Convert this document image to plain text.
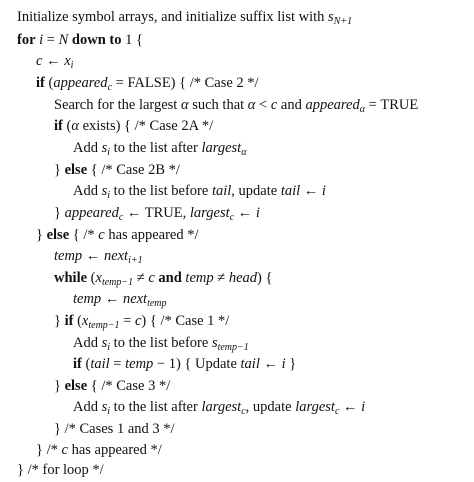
Initialize symbol arrays, and initialize suffix list with $s_{N+1}$
for i = N down to 1 {
c ← $x_i$
if (appeared$_c$ = FALSE) { /* Case 2 */
Search for the largest α such that α < c and appeared$_\alpha$ = TRUE
if (α exists) { /* Case 2A */
Add $s_i$ to the list after largest$_\alpha$
} else { /* Case 2B */
Add $s_i$ to the list before tail, update tail ← i
} appeared$_c$ ← TRUE, largest$_c$ ← i
} else { /* c has appeared */
temp ← next$_{i+1}$
while ($x_{temp-1} \ne c$ and temp ≠ head) {
temp ← next$_{temp}$
} if $(x_{temp-1} = c)$ { /* Case 1 */
Add $s_i$ to the list before $s_{temp-1}$
if (tail = temp − 1) { Update tail ← i }
} else { /* Case 3 */
Add $s_i$ to the list after largest$_c$, update largest$_c$ ← i
} /* Cases 1 and 3 */
} /* c has appeared */
} /* for loop */
